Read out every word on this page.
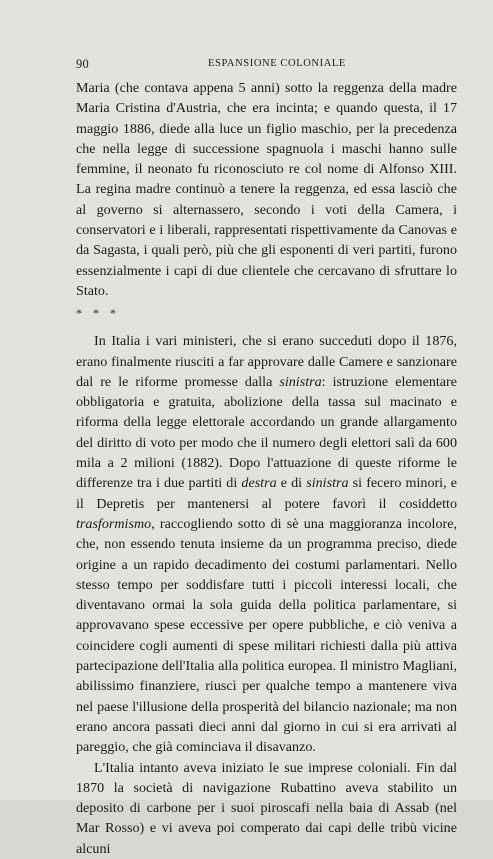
90	ESPANSIONE COLONIALE

Maria (che contava appena 5 anni) sotto la reggenza della madre Maria Cristina d'Austria, che era incinta; e quando questa, il 17 maggio 1886, diede alla luce un figlio maschio, per la precedenza che nella legge di successione spagnuola i maschi hanno sulle femmine, il neonato fu riconosciuto re col nome di Alfonso XIII. La regina madre continuò a tenere la reggenza, ed essa lasciò che al governo si alternassero, secondo i voti della Camera, i conservatori e i liberali, rappresentati rispettivamente da Canovas e da Sagasta, i quali però, più che gli esponenti di veri partiti, furono essenzialmente i capi di due clientele che cercavano di sfruttare lo Stato.

* * *

In Italia i vari ministeri, che si erano succeduti dopo il 1876, erano finalmente riusciti a far approvare dalle Camere e sanzionare dal re le riforme promesse dalla sinistra: istruzione elementare obbligatoria e gratuita, abolizione della tassa sul macinato e riforma della legge elettorale accordando un grande allargamento del diritto di voto per modo che il numero degli elettori salì da 600 mila a 2 milioni (1882). Dopo l'attuazione di queste riforme le differenze tra i due partiti di destra e di sinistra si fecero minori, e il Depretis per mantenersi al potere favorì il cosiddetto trasformismo, raccogliendo sotto di sè una maggioranza incolore, che, non essendo tenuta insieme da un programma preciso, diede origine a un rapido decadimento dei costumi parlamentari. Nello stesso tempo per soddisfare tutti i piccoli interessi locali, che diventavano ormai la sola guida della politica parlamentare, si approvavano spese eccessive per opere pubbliche, e ciò veniva a coincidere cogli aumenti di spese militari richiesti dalla più attiva partecipazione dell'Italia alla politica europea. Il ministro Magliani, abilissimo finanziere, riuscì per qualche tempo a mantenere viva nel paese l'illusione della prosperità del bilancio nazionale; ma non erano ancora passati dieci anni dal giorno in cui si era arrivati al pareggio, che già cominciava il disavanzo.

L'Italia intanto aveva iniziato le sue imprese coloniali. Fin dal 1870 la società di navigazione Rubattino aveva stabilito un deposito di carbone per i suoi piroscafi nella baia di Assab (nel Mar Rosso) e vi aveva poi comperato dai capi delle tribù vicine alcuni
